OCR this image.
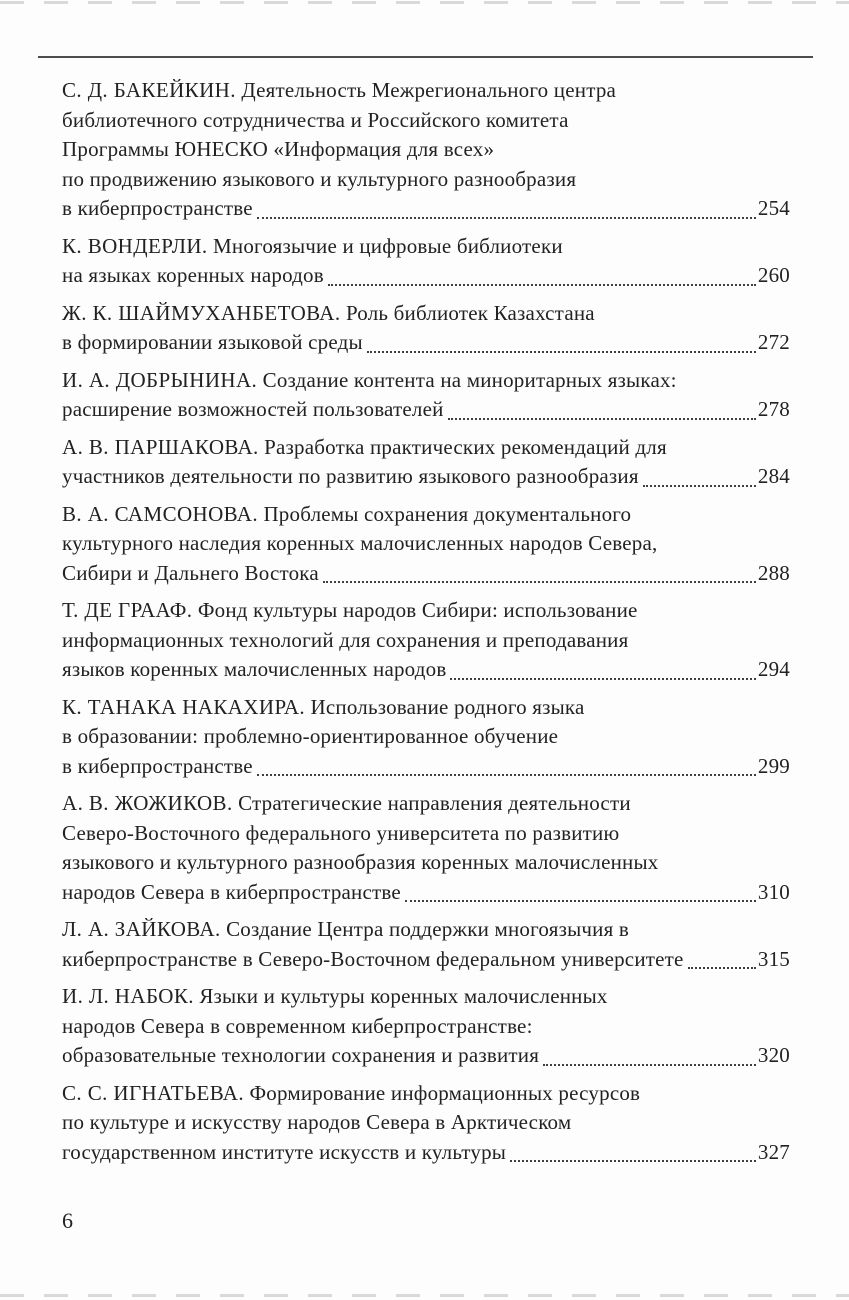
С. Д. БАКЕЙКИН. Деятельность Межрегионального центра
библиотечного сотрудничества и Российского комитета
Программы ЮНЕСКО «Информация для всех»
по продвижению языкового и культурного разнообразия
в киберпространстве	254
К. ВОНДЕРЛИ. Многоязычие и цифровые библиотеки
на языках коренных народов	260
Ж. К. ШАЙМУХАНБЕТОВА. Роль библиотек Казахстана
в формировании языковой среды	272
И. А. ДОБРЫНИНА. Создание контента на миноритарных языках:
расширение возможностей пользователей	278
А. В. ПАРШАКОВА. Разработка практических рекомендаций для
участников деятельности по развитию языкового разнообразия	284
В. А. САМСОНОВА. Проблемы сохранения документального
культурного наследия коренных малочисленных народов Севера,
Сибири и Дальнего Востока	288
Т. ДЕ ГРААФ. Фонд культуры народов Сибири: использование
информационных технологий для сохранения и преподавания
языков коренных малочисленных народов	294
К. ТАНАКА НАКАХИРА. Использование родного языка
в образовании: проблемно-ориентированное обучение
в киберпространстве	299
А. В. ЖОЖИКОВ. Стратегические направления деятельности
Северо-Восточного федерального университета по развитию
языкового и культурного разнообразия коренных малочисленных
народов Севера в киберпространстве	310
Л. А. ЗАЙКОВА. Создание Центра поддержки многоязычия в
киберпространстве в Северо-Восточном федеральном университете	315
И. Л. НАБОК. Языки и культуры коренных малочисленных
народов Севера в современном киберпространстве:
образовательные технологии сохранения и развития	320
С. С. ИГНАТЬЕВА. Формирование информационных ресурсов
по культуре и искусству народов Севера в Арктическом
государственном институте искусств и культуры	327
6
